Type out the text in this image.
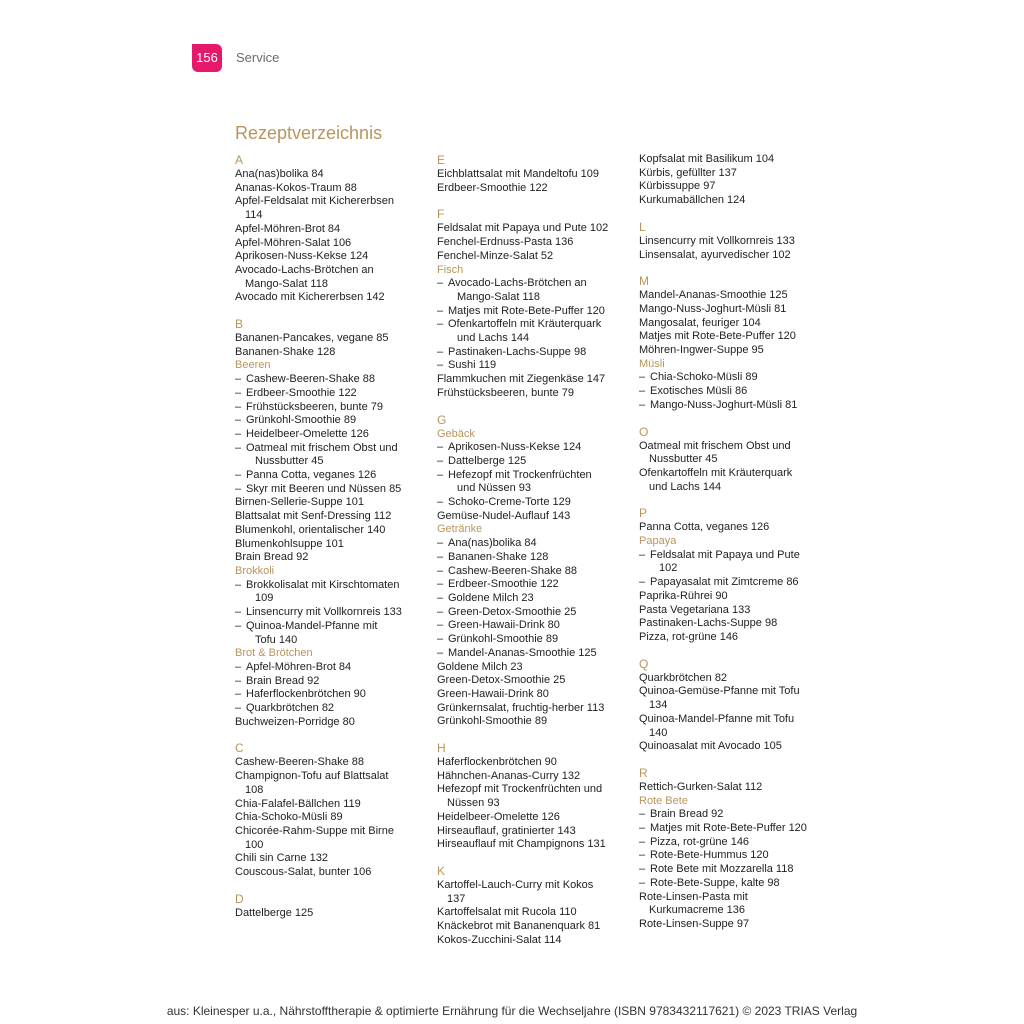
156	Service
Rezeptverzeichnis
A
Ana(nas)bolika 84
Ananas-Kokos-Traum 88
Apfel-Feldsalat mit Kichererbsen
114
Apfel-Möhren-Brot 84
Apfel-Möhren-Salat 106
Aprikosen-Nuss-Kekse 124
Avocado-Lachs-Brötchen an
Mango-Salat 118
Avocado mit Kichererbsen 142
B
Bananen-Pancakes, vegane 85
Bananen-Shake 128
Beeren
– Cashew-Beeren-Shake 88
– Erdbeer-Smoothie 122
– Frühstücksbeeren, bunte 79
– Grünkohl-Smoothie 89
– Heidelbeer-Omelette 126
– Oatmeal mit frischem Obst und
Nussbutter 45
– Panna Cotta, veganes 126
– Skyr mit Beeren und Nüssen 85
Birnen-Sellerie-Suppe 101
Blattsalat mit Senf-Dressing 112
Blumenkohl, orientalischer 140
Blumenkohlsuppe 101
Brain Bread 92
Brokkoli
– Brokkolisalat mit Kirschtomaten
109
– Linsencurry mit Vollkornreis 133
– Quinoa-Mandel-Pfanne mit
Tofu 140
Brot & Brötchen
– Apfel-Möhren-Brot 84
– Brain Bread 92
– Haferflockenbrötchen 90
– Quarkbrötchen 82
Buchweizen-Porridge 80
C
Cashew-Beeren-Shake 88
Champignon-Tofu auf Blattsalat
108
Chia-Falafel-Bällchen 119
Chia-Schoko-Müsli 89
Chicorée-Rahm-Suppe mit Birne
100
Chili sin Carne 132
Couscous-Salat, bunter 106
D
Dattelberge 125
E
Eichblattsalat mit Mandeltofu 109
Erdbeer-Smoothie 122
F
Feldsalat mit Papaya und Pute 102
Fenchel-Erdnuss-Pasta 136
Fenchel-Minze-Salat 52
Fisch
– Avocado-Lachs-Brötchen an
Mango-Salat 118
– Matjes mit Rote-Bete-Puffer 120
– Ofenkartoffeln mit Kräuterquark
und Lachs 144
– Pastinaken-Lachs-Suppe 98
– Sushi 119
Flammkuchen mit Ziegenkäse 147
Frühstücksbeeren, bunte 79
G
Gebäck
– Aprikosen-Nuss-Kekse 124
– Dattelberge 125
– Hefezopf mit Trockenfrüchten
und Nüssen 93
– Schoko-Creme-Torte 129
Gemüse-Nudel-Auflauf 143
Getränke
– Ana(nas)bolika 84
– Bananen-Shake 128
– Cashew-Beeren-Shake 88
– Erdbeer-Smoothie 122
– Goldene Milch 23
– Green-Detox-Smoothie 25
– Green-Hawaii-Drink 80
– Grünkohl-Smoothie 89
– Mandel-Ananas-Smoothie 125
Goldene Milch 23
Green-Detox-Smoothie 25
Green-Hawaii-Drink 80
Grünkernsalat, fruchtig-herber 113
Grünkohl-Smoothie 89
H
Haferflockenbrötchen 90
Hähnchen-Ananas-Curry 132
Hefezopf mit Trockenfrüchten und
Nüssen 93
Heidelbeer-Omelette 126
Hirseauflauf, gratinierter 143
Hirseauflauf mit Champignons 131
K
Kartoffel-Lauch-Curry mit Kokos
137
Kartoffelsalat mit Rucola 110
Knäckebrot mit Bananenquark 81
Kokos-Zucchini-Salat 114
Kopfsalat mit Basilikum 104
Kürbis, gefüllter 137
Kürbissuppe 97
Kurkumabällchen 124
L
Linsencurry mit Vollkornreis 133
Linsensalat, ayurvedischer 102
M
Mandel-Ananas-Smoothie 125
Mango-Nuss-Joghurt-Müsli 81
Mangosalat, feuriger 104
Matjes mit Rote-Bete-Puffer 120
Möhren-Ingwer-Suppe 95
Müsli
– Chia-Schoko-Müsli 89
– Exotisches Müsli 86
– Mango-Nuss-Joghurt-Müsli 81
O
Oatmeal mit frischem Obst und
Nussbutter 45
Ofenkartoffeln mit Kräuterquark
und Lachs 144
P
Panna Cotta, veganes 126
Papaya
– Feldsalat mit Papaya und Pute
102
– Papayasalat mit Zimtcreme 86
Paprika-Rührei 90
Pasta Vegetariana 133
Pastinaken-Lachs-Suppe 98
Pizza, rot-grüne 146
Q
Quarkbrötchen 82
Quinoa-Gemüse-Pfanne mit Tofu
134
Quinoa-Mandel-Pfanne mit Tofu
140
Quinoasalat mit Avocado 105
R
Rettich-Gurken-Salat 112
Rote Bete
– Brain Bread 92
– Matjes mit Rote-Bete-Puffer 120
– Pizza, rot-grüne 146
– Rote-Bete-Hummus 120
– Rote Bete mit Mozzarella 118
– Rote-Bete-Suppe, kalte 98
Rote-Linsen-Pasta mit
Kurkumacreme 136
Rote-Linsen-Suppe 97
aus: Kleinesper u.a., Nährstofftherapie & optimierte Ernährung für die Wechseljahre (ISBN 9783432117621) © 2023 TRIAS Verlag
